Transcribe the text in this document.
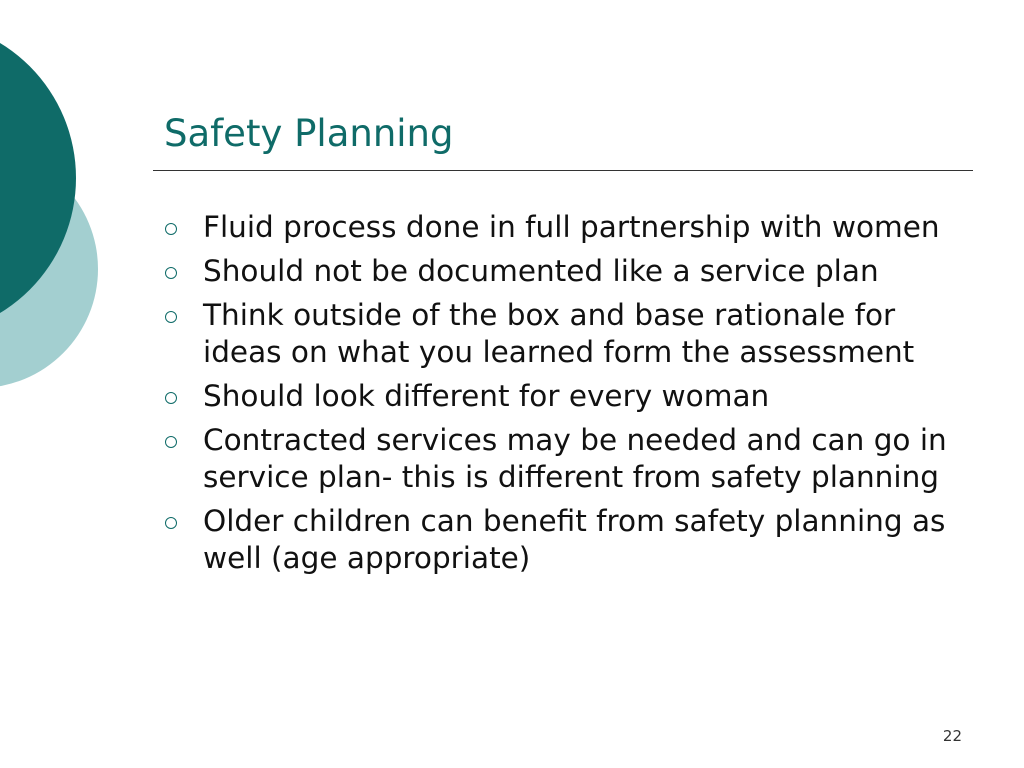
Safety Planning
Fluid process done in full partnership with women
Should not be documented like a service plan
Think outside of the box and base rationale for ideas on what you learned form the assessment
Should look different for every woman
Contracted services may be needed and can go in service plan- this is different from safety planning
Older children can benefit from safety planning as well (age appropriate)
22
